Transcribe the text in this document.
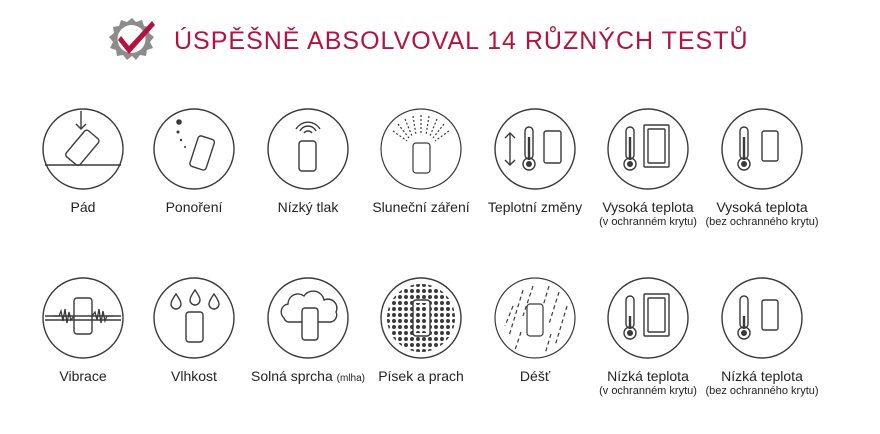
ÚSPĚŠNĚ ABSOLVOVAL 14 RŮZNÝCH TESTŮ
Pád	Ponoření	Nízký tlak	Sluneční záření	Teplotní změny	Vysoká teplota
(v ochranném krytu)
Vysoká teplota
(bez ochranného krytu)
Vibrace	Vlhkost	Solná sprcha (mlha) Písek a prach	Déšť	Nízká teplota
(v ochranném krytu)
Nízká teplota
(bez ochranného krytu)
